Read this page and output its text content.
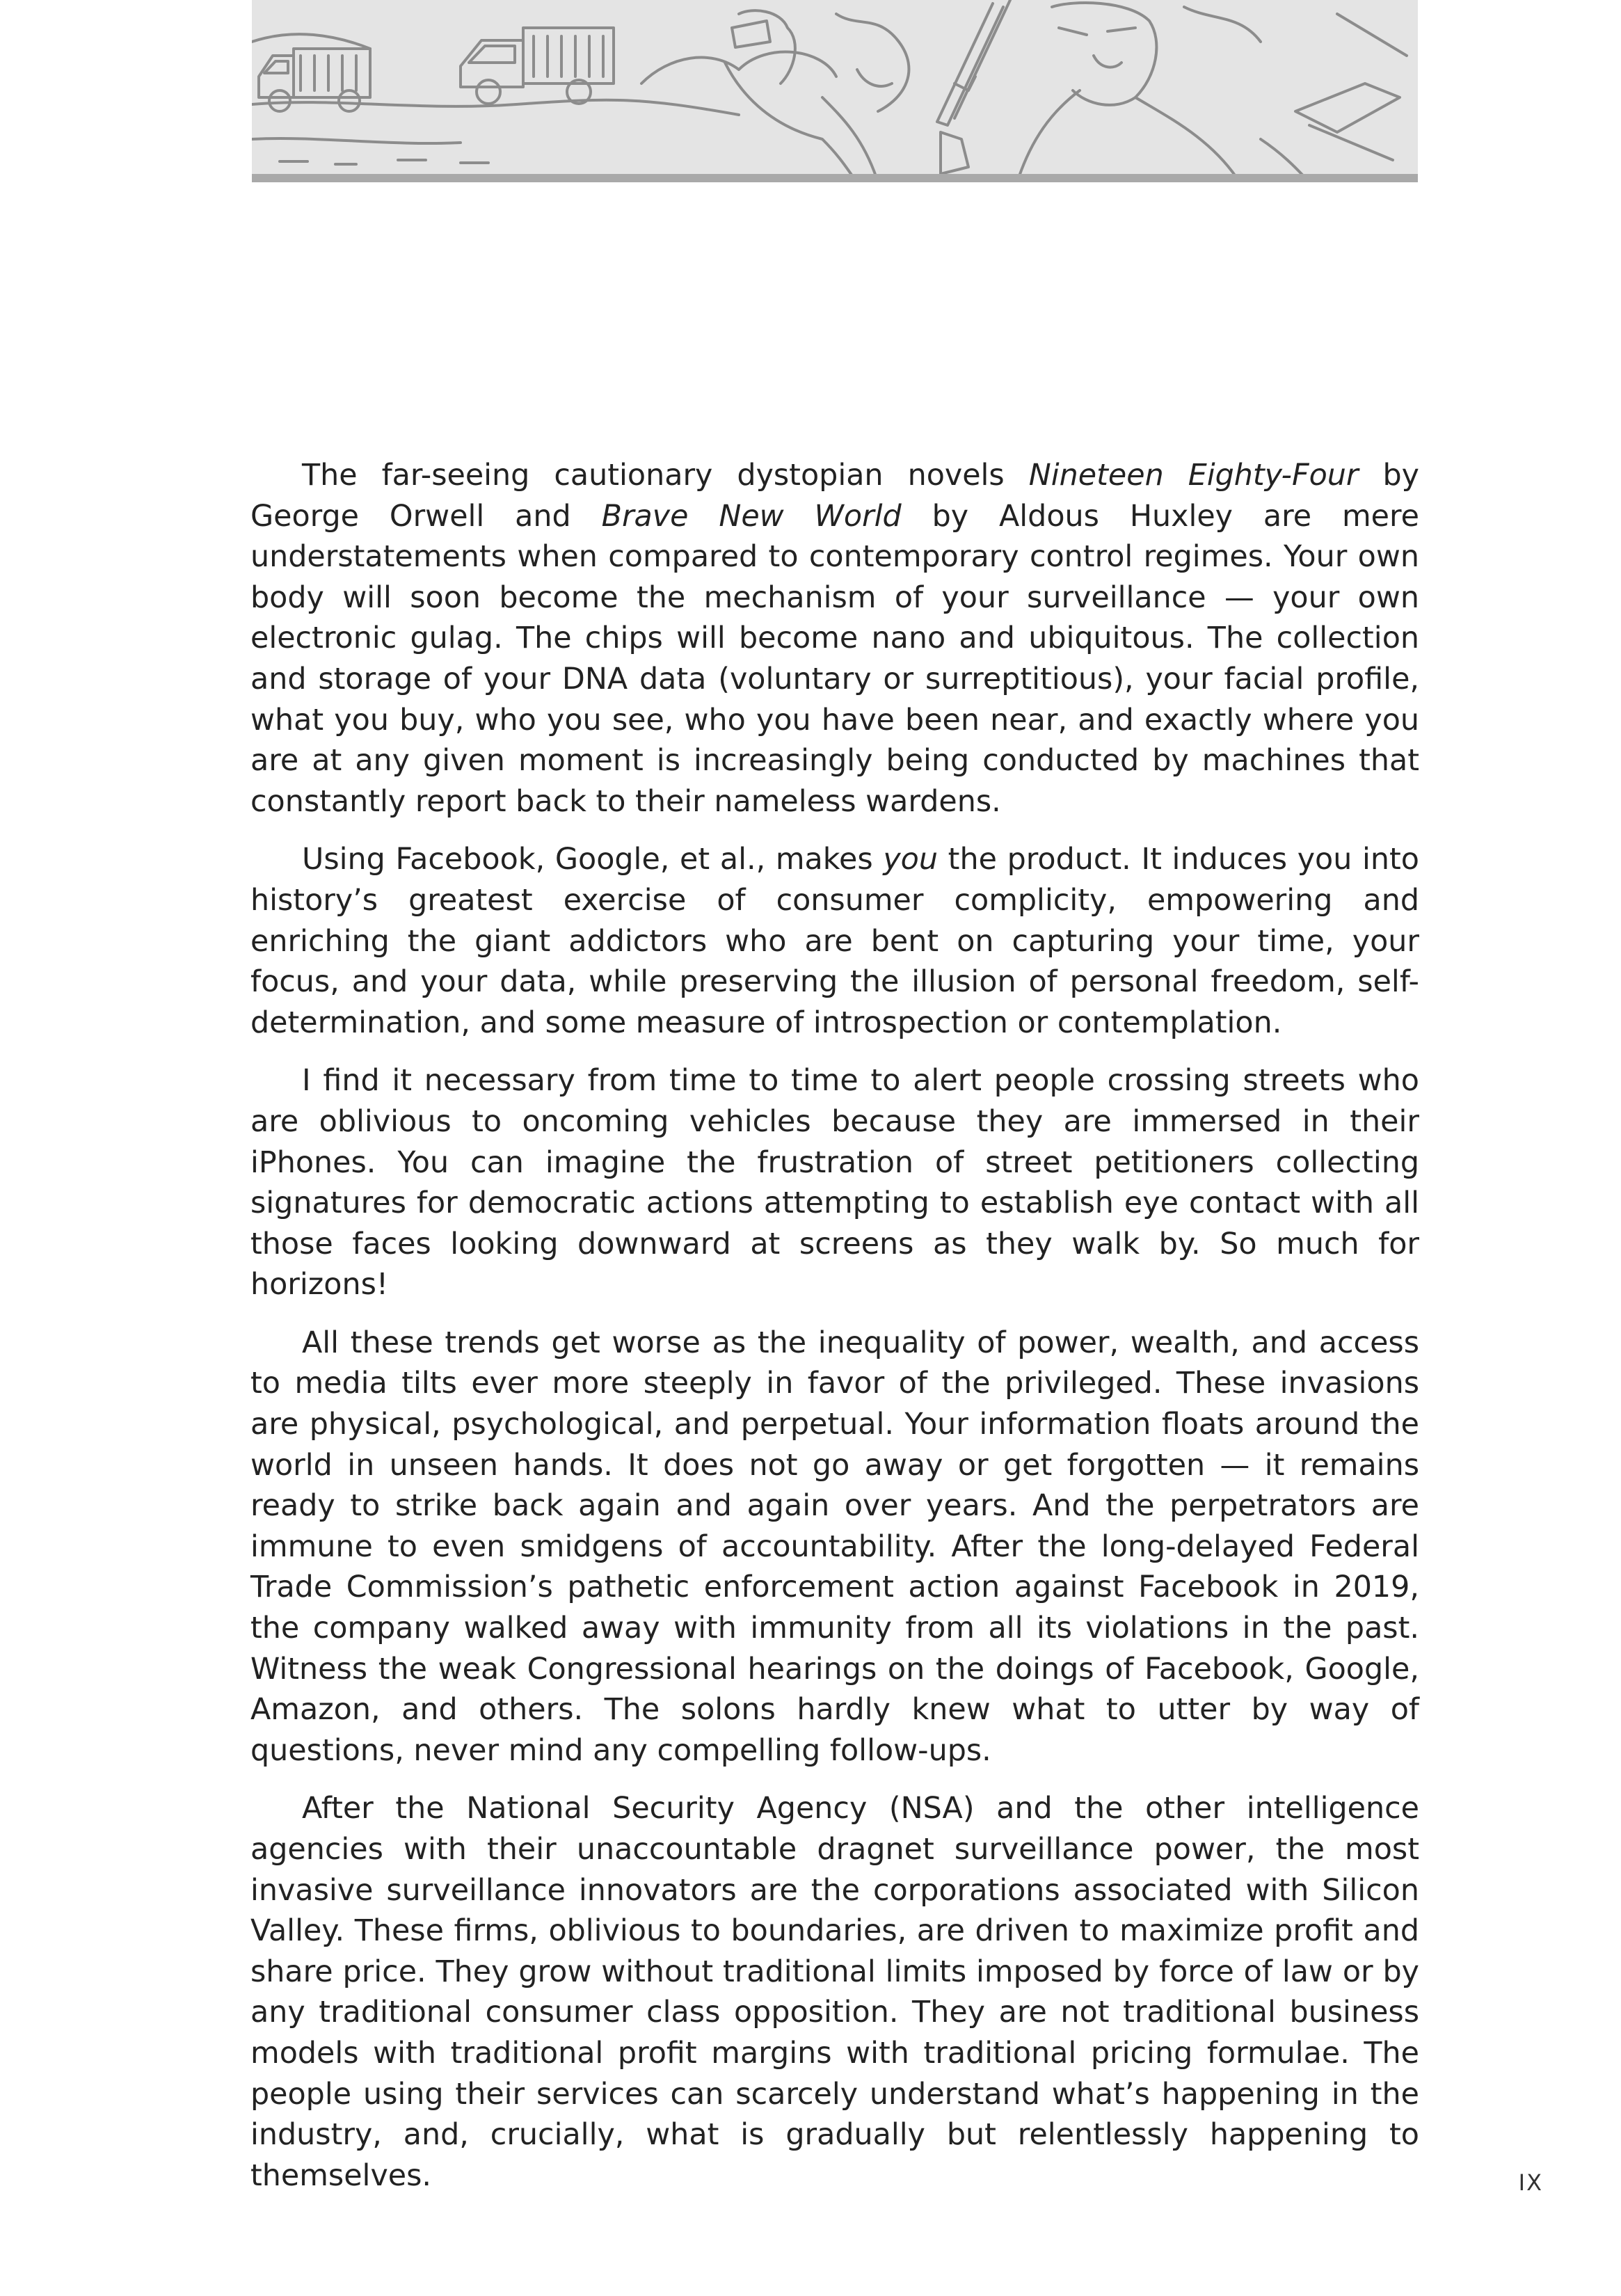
The far-seeing cautionary dystopian novels Nineteen Eighty-Four by George Orwell and Brave New World by Aldous Huxley are mere understatements when compared to contemporary control regimes. Your own body will soon become the mechanism of your surveillance — your own electronic gulag. The chips will become nano and ubiquitous. The collection and storage of your DNA data (voluntary or surreptitious), your facial profile, what you buy, who you see, who you have been near, and exactly where you are at any given moment is increasingly being conducted by machines that constantly report back to their nameless wardens.

Using Facebook, Google, et al., makes you the product. It induces you into history’s greatest exercise of consumer complicity, empowering and enriching the giant addictors who are bent on capturing your time, your focus, and your data, while preserving the illusion of personal freedom, self-determination, and some measure of introspection or contemplation.

I find it necessary from time to time to alert people crossing streets who are oblivious to oncoming vehicles because they are immersed in their iPhones. You can imagine the frustration of street petitioners collecting signatures for democratic actions attempting to establish eye contact with all those faces looking downward at screens as they walk by. So much for horizons!

All these trends get worse as the inequality of power, wealth, and access to media tilts ever more steeply in favor of the privileged. These invasions are physical, psychological, and perpetual. Your information floats around the world in unseen hands. It does not go away or get forgotten — it remains ready to strike back again and again over years. And the perpetrators are immune to even smidgens of accountability. After the long-delayed Federal Trade Commission’s pathetic enforcement action against Facebook in 2019, the company walked away with immunity from all its violations in the past. Witness the weak Congressional hearings on the doings of Facebook, Google, Amazon, and others. The solons hardly knew what to utter by way of questions, never mind any compelling follow-ups.

After the National Security Agency (NSA) and the other intelligence agencies with their unaccountable dragnet surveillance power, the most invasive surveillance innovators are the corporations associated with Silicon Valley. These firms, oblivious to boundaries, are driven to maximize profit and share price. They grow without traditional limits imposed by force of law or by any traditional consumer class opposition. They are not traditional business models with traditional profit margins with traditional pricing formulae. The people using their services can scarcely understand what’s happening in the industry, and, crucially, what is gradually but relentlessly happening to themselves.	IX
